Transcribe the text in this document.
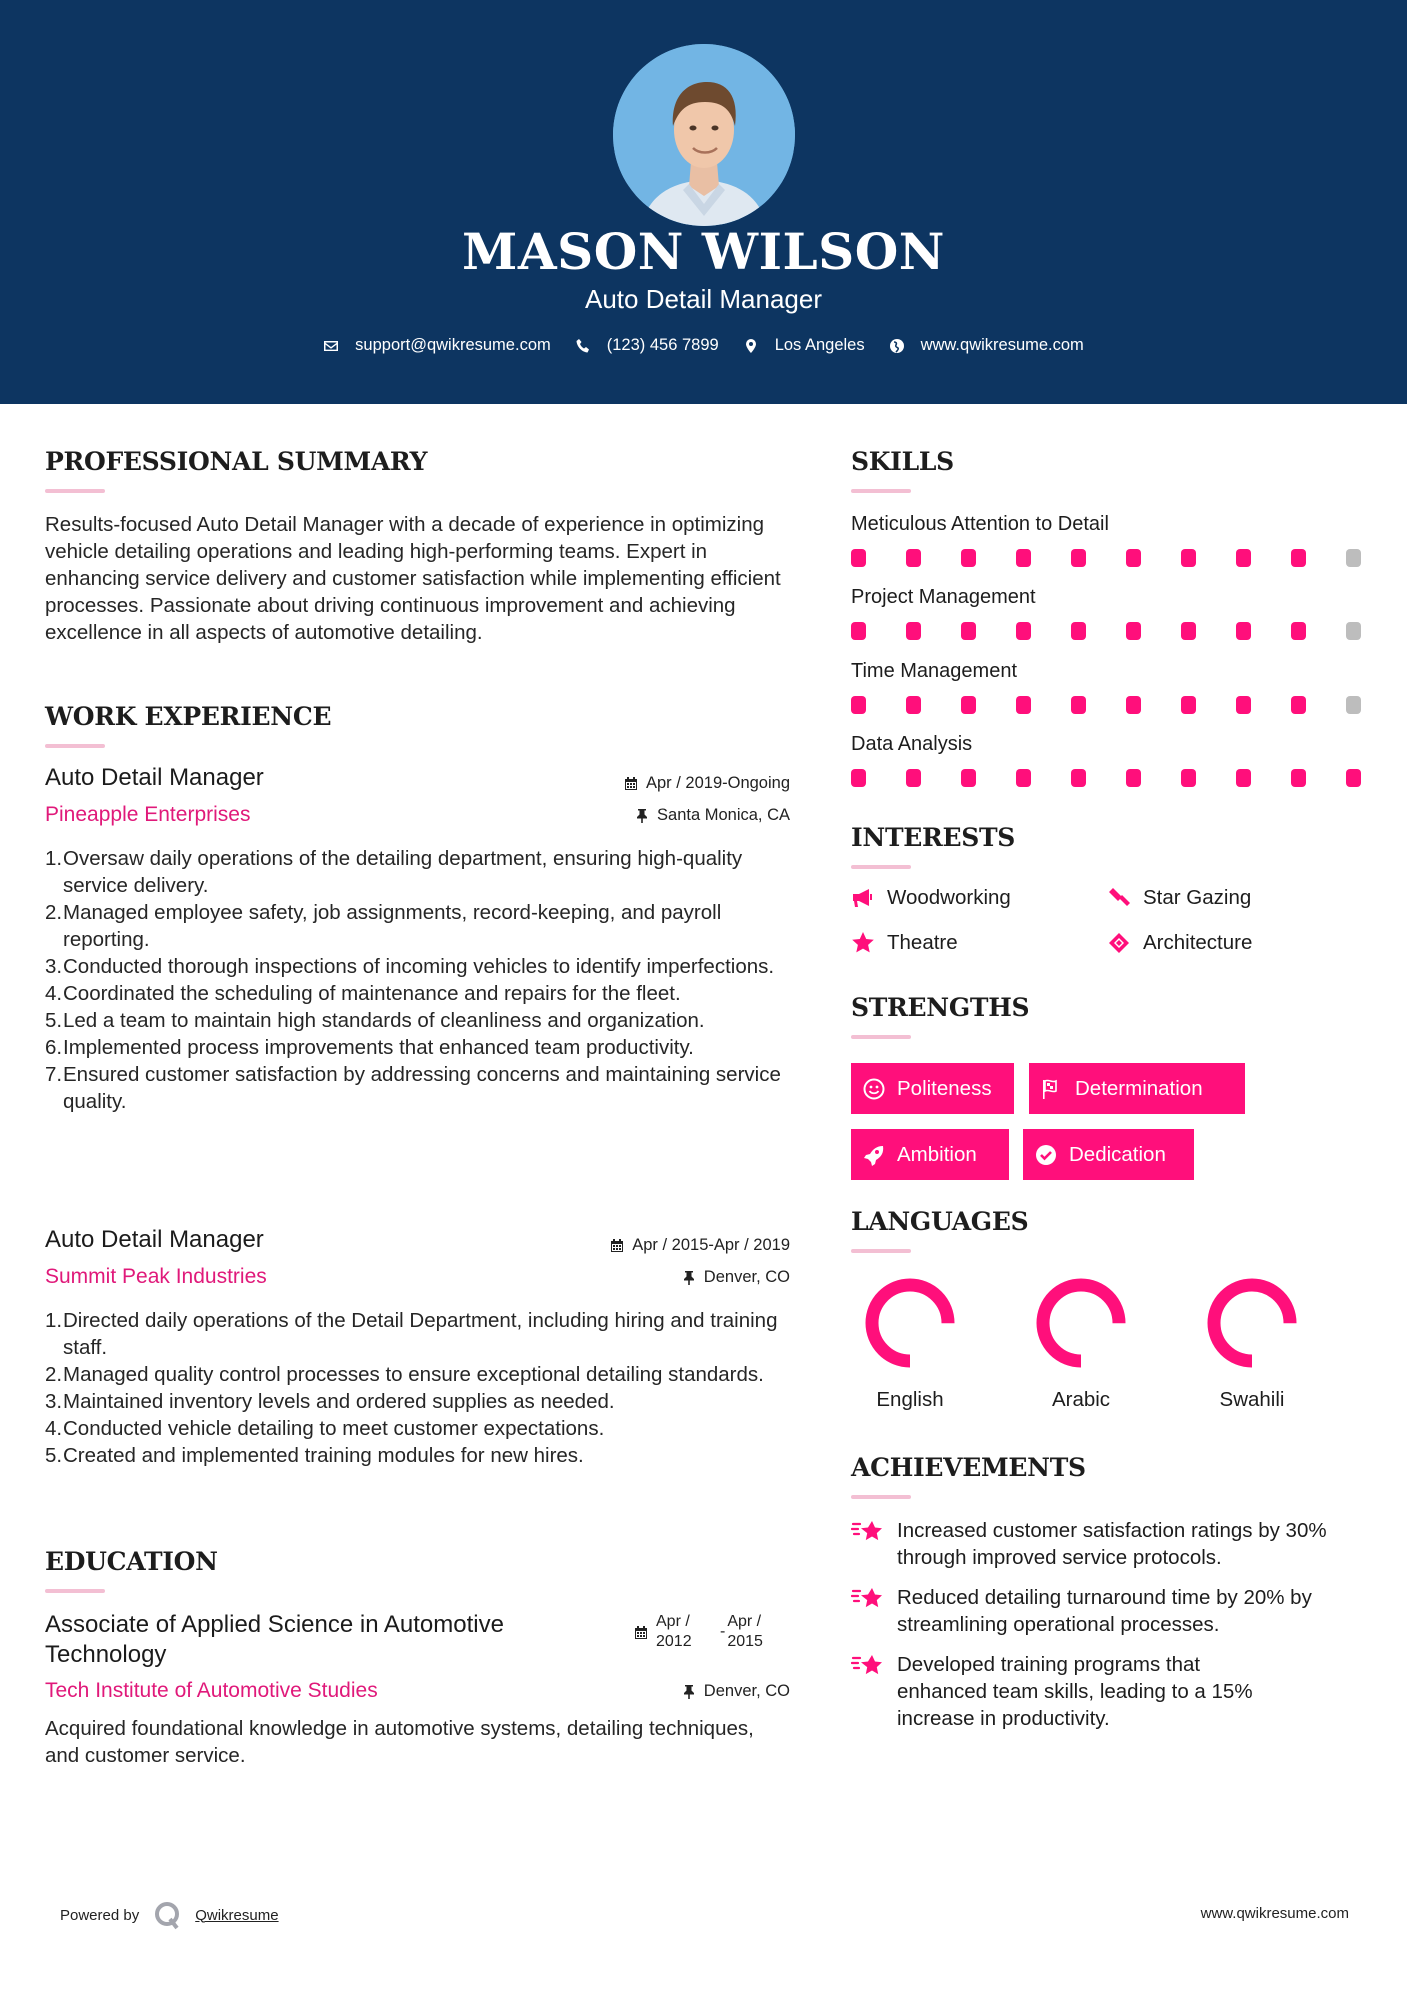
MASON WILSON
Auto Detail Manager
support@qwikresume.com	(123) 456 7899	Los Angeles	www.qwikresume.com
PROFESSIONAL SUMMARY
Results-focused Auto Detail Manager with a decade of experience in optimizing vehicle detailing operations and leading high-performing teams. Expert in enhancing service delivery and customer satisfaction while implementing efficient processes. Passionate about driving continuous improvement and achieving excellence in all aspects of automotive detailing.
WORK EXPERIENCE
Auto Detail Manager	Apr / 2019-Ongoing
Pineapple Enterprises	Santa Monica, CA
1. Oversaw daily operations of the detailing department, ensuring high-quality service delivery.
2. Managed employee safety, job assignments, record-keeping, and payroll reporting.
3. Conducted thorough inspections of incoming vehicles to identify imperfections.
4. Coordinated the scheduling of maintenance and repairs for the fleet.
5. Led a team to maintain high standards of cleanliness and organization.
6. Implemented process improvements that enhanced team productivity.
7. Ensured customer satisfaction by addressing concerns and maintaining service quality.
Auto Detail Manager	Apr / 2015-Apr / 2019
Summit Peak Industries	Denver, CO
1. Directed daily operations of the Detail Department, including hiring and training staff.
2. Managed quality control processes to ensure exceptional detailing standards.
3. Maintained inventory levels and ordered supplies as needed.
4. Conducted vehicle detailing to meet customer expectations.
5. Created and implemented training modules for new hires.
EDUCATION
Associate of Applied Science in Automotive Technology
Apr / 2012
-
Apr / 2015
Tech Institute of Automotive Studies	Denver, CO
Acquired foundational knowledge in automotive systems, detailing techniques, and customer service.
SKILLS
Meticulous Attention to Detail
Project Management
Time Management
Data Analysis
INTERESTS
Woodworking	Star Gazing
Theatre	Architecture
STRENGTHS
Politeness	Determination
Ambition	Dedication
LANGUAGES
English	Arabic	Swahili
ACHIEVEMENTS
Increased customer satisfaction ratings by 30% through improved service protocols.
Reduced detailing turnaround time by 20% by streamlining operational processes.
Developed training programs that enhanced team skills, leading to a 15% increase in productivity.
Powered by	Qwikresume	www.qwikresume.com
